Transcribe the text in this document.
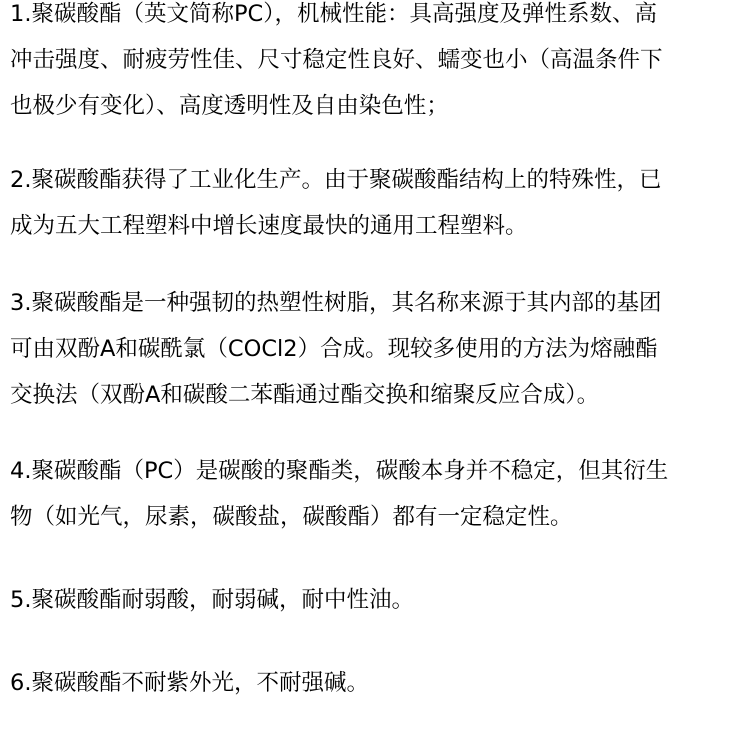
1.聚碳酸酯（英文简称PC），机械性能：具高强度及弹性系数、高
冲击强度、耐疲劳性佳、尺寸稳定性良好、蠕变也小（高温条件下
也极少有变化）、高度透明性及自由染色性；
2.聚碳酸酯获得了工业化生产。由于聚碳酸酯结构上的特殊性，已
成为五大工程塑料中增长速度最快的通用工程塑料。
3.聚碳酸酯是一种强韧的热塑性树脂，其名称来源于其内部的基团
可由双酚A和碳酰氯（COCl2）合成。现较多使用的方法为熔融酯
交换法（双酚A和碳酸二苯酯通过酯交换和缩聚反应合成）。
4.聚碳酸酯（PC）是碳酸的聚酯类，碳酸本身并不稳定，但其衍生
物（如光气，尿素，碳酸盐，碳酸酯）都有一定稳定性。
5.聚碳酸酯耐弱酸，耐弱碱，耐中性油。
6.聚碳酸酯不耐紫外光，不耐强碱。
